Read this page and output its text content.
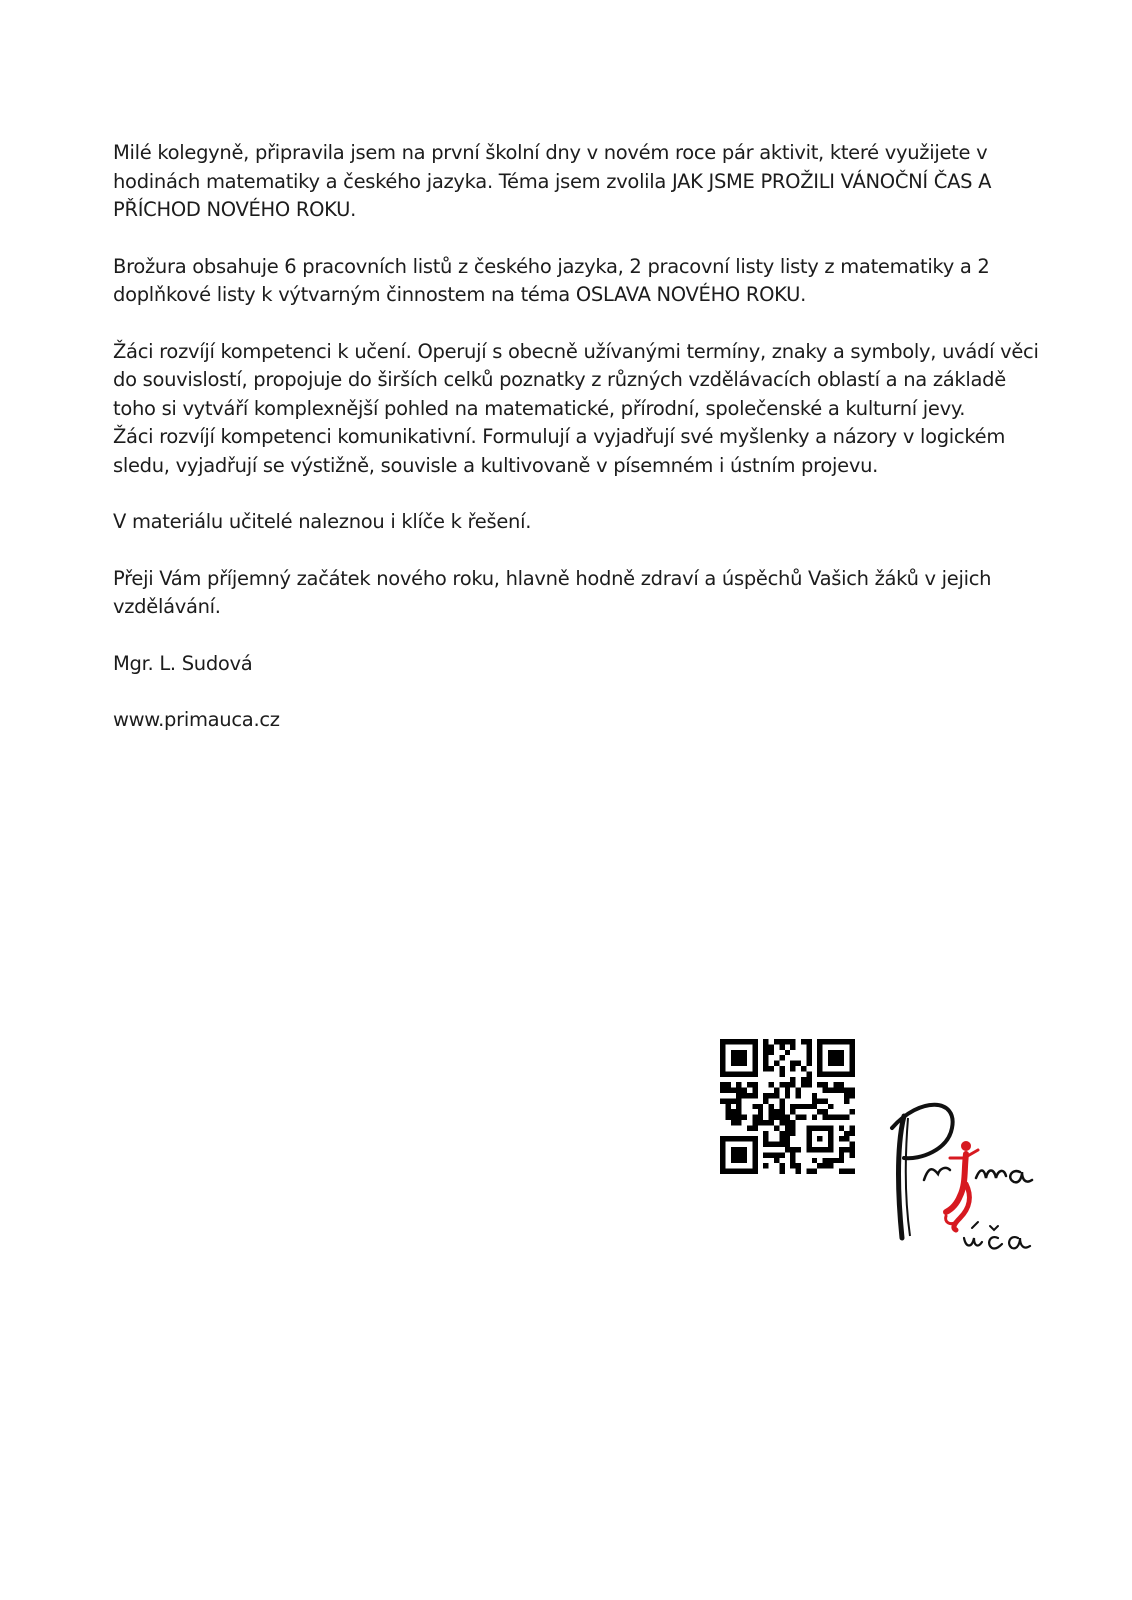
Milé kolegyně, připravila jsem na první školní dny v novém roce pár aktivit, které využijete v hodinách matematiky a českého jazyka. Téma jsem zvolila JAK JSME PROŽILI VÁNOČNÍ ČAS A PŘÍCHOD NOVÉHO ROKU.

Brožura obsahuje 6 pracovních listů z českého jazyka, 2 pracovní listy listy z matematiky a 2 doplňkové listy k výtvarným činnostem na téma OSLAVA NOVÉHO ROKU.

Žáci rozvíjí kompetenci k učení. Operují s obecně užívanými termíny, znaky a symboly, uvádí věci do souvislostí, propojuje do širších celků poznatky z různých vzdělávacích oblastí a na základě toho si vytváří komplexnější pohled na matematické, přírodní, společenské a kulturní jevy.

Žáci rozvíjí kompetenci komunikativní. Formulují a vyjadřují své myšlenky a názory v logickém sledu, vyjadřují se výstižně, souvisle a kultivovaně v písemném i ústním projevu.

V materiálu učitelé naleznou i klíče k řešení.

Přeji Vám příjemný začátek nového roku, hlavně hodně zdraví a úspěchů Vašich žáků v jejich vzdělávání.

Mgr. L. Sudová

www.primauca.cz

Prima
úča
